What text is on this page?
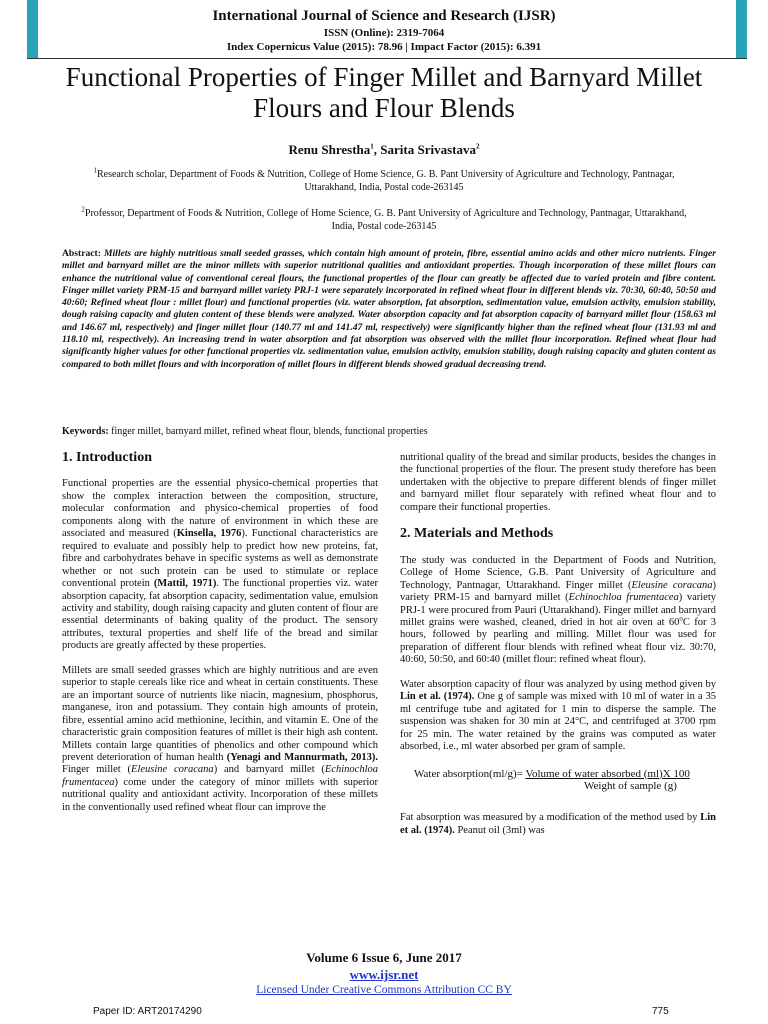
International Journal of Science and Research (IJSR)
ISSN (Online): 2319-7064
Index Copernicus Value (2015): 78.96 | Impact Factor (2015): 6.391
Functional Properties of Finger Millet and Barnyard Millet Flours and Flour Blends
Renu Shrestha$^1$, Sarita Srivastava$^2$
$^1$Research scholar, Department of Foods & Nutrition, College of Home Science, G. B. Pant University of Agriculture and Technology, Pantnagar, Uttarakhand, India, Postal code-263145
$^2$Professor, Department of Foods & Nutrition, College of Home Science, G. B. Pant University of Agriculture and Technology, Pantnagar, Uttarakhand, India, Postal code-263145
Abstract: Millets are highly nutritious small seeded grasses, which contain high amount of protein, fibre, essential amino acids and other micro nutrients. Finger millet and barnyard millet are the minor millets with superior nutritional qualities and antioxidant properties. Though incorporation of these millet flours can enhance the nutritional value of conventional cereal flours, the functional properties of the flour can greatly be affected due to varied protein and fibre content. Finger millet variety PRM-15 and barnyard millet variety PRJ-1 were separately incorporated in refined wheat flour in different blends viz. 70:30, 60:40, 50:50 and 40:60; Refined wheat flour : millet flour) and functional properties (viz. water absorption, fat absorption, sedimentation value, emulsion activity, emulsion stability, dough raising capacity and gluten content of these blends were analyzed. Water absorption capacity and fat absorption capacity of barnyard millet flour (158.63 ml and 146.67 ml, respectively) and finger millet flour (140.77 ml and 141.47 ml, respectively) were significantly higher than the refined wheat flour (131.93 ml and 118.10 ml, respectively). An increasing trend in water absorption and fat absorption was observed with the millet flour incorporation. Refined wheat flour had significantly higher values for other functional properties viz. sedimentation value, emulsion activity, emulsion stability, dough raising capacity and gluten content as compared to both millet flours and with incorporation of millet flours in different blends showed gradual decreasing trend.
Keywords: finger millet, barnyard millet, refined wheat flour, blends, functional properties
1. Introduction

Functional properties are the essential physico-chemical properties that show the complex interaction between the composition, structure, molecular conformation and physico-chemical properties of food components along with the nature of environment in which these are associated and measured (Kinsella, 1976). Functional characteristics are required to evaluate and possibly help to predict how new proteins, fat, fibre and carbohydrates behave in specific systems as well as demonstrate whether or not such protein can be used to stimulate or replace conventional protein (Mattil, 1971). The functional properties viz. water absorption capacity, fat absorption capacity, sedimentation value, emulsion activity and stability, dough raising capacity and gluten content of flour are essential determinants of baking quality of the product. The sensory attributes, textural properties and shelf life of the bread and similar products are greatly affected by these properties.

Millets are small seeded grasses which are highly nutritious and are even superior to staple cereals like rice and wheat in certain constituents. These are an important source of nutrients like niacin, magnesium, phosphorus, manganese, iron and potassium. They contain high amounts of protein, fibre, essential amino acid methionine, lecithin, and vitamin E. One of the characteristic grain composition features of millet is their high ash content. Millets contain large quantities of phenolics and other compound which prevent deterioration of human health (Yenagi and Mannurmath, 2013). Finger millet (Eleusine coracana) and barnyard millet (Echinochloa frumentacea) come under the category of minor millets with superior nutritional quality and antioxidant activity. Incorporation of these millets in the conventionally used refined wheat flour can improve the

nutritional quality of the bread and similar products, besides the changes in the functional properties of the flour. The present study therefore has been undertaken with the objective to prepare different blends of finger millet and barnyard millet flour separately with refined wheat flour and to compare their functional properties.

2. Materials and Methods

The study was conducted in the Department of Foods and Nutrition, College of Home Science, G.B. Pant University of Agriculture and Technology, Pantnagar, Uttarakhand. Finger millet (Eleusine coracana) variety PRM-15 and barnyard millet (Echinochloa frumentacea) variety PRJ-1 were procured from Pauri (Uttarakhand). Finger millet and barnyard millet grains were washed, cleaned, dried in hot air oven at 60$^o$C for 3 hours, followed by pearling and milling. Millet flour was used for preparation of different flour blends with refined wheat flour viz. 30:70, 40:60, 50:50, and 60:40 (millet flour: refined wheat flour).

Water absorption capacity of flour was analyzed by using method given by Lin et al. (1974). One g of sample was mixed with 10 ml of water in a 35 ml centrifuge tube and agitated for 1 min to disperse the sample. The suspension was shaken for 30 min at 24°C, and centrifuged at 3700 rpm for 25 min. The water retained by the grains was computed as water absorbed, i.e., ml water absorbed per gram of sample.

Water absorption(ml/g)= Volume of water absorbed (ml)X 100
Weight of sample (g)

Fat absorption was measured by a modification of the method used by Lin et al. (1974). Peanut oil (3ml) was

Volume 6 Issue 6, June 2017
www.ijsr.net
Licensed Under Creative Commons Attribution CC BY
Paper ID: ART20174290	775
